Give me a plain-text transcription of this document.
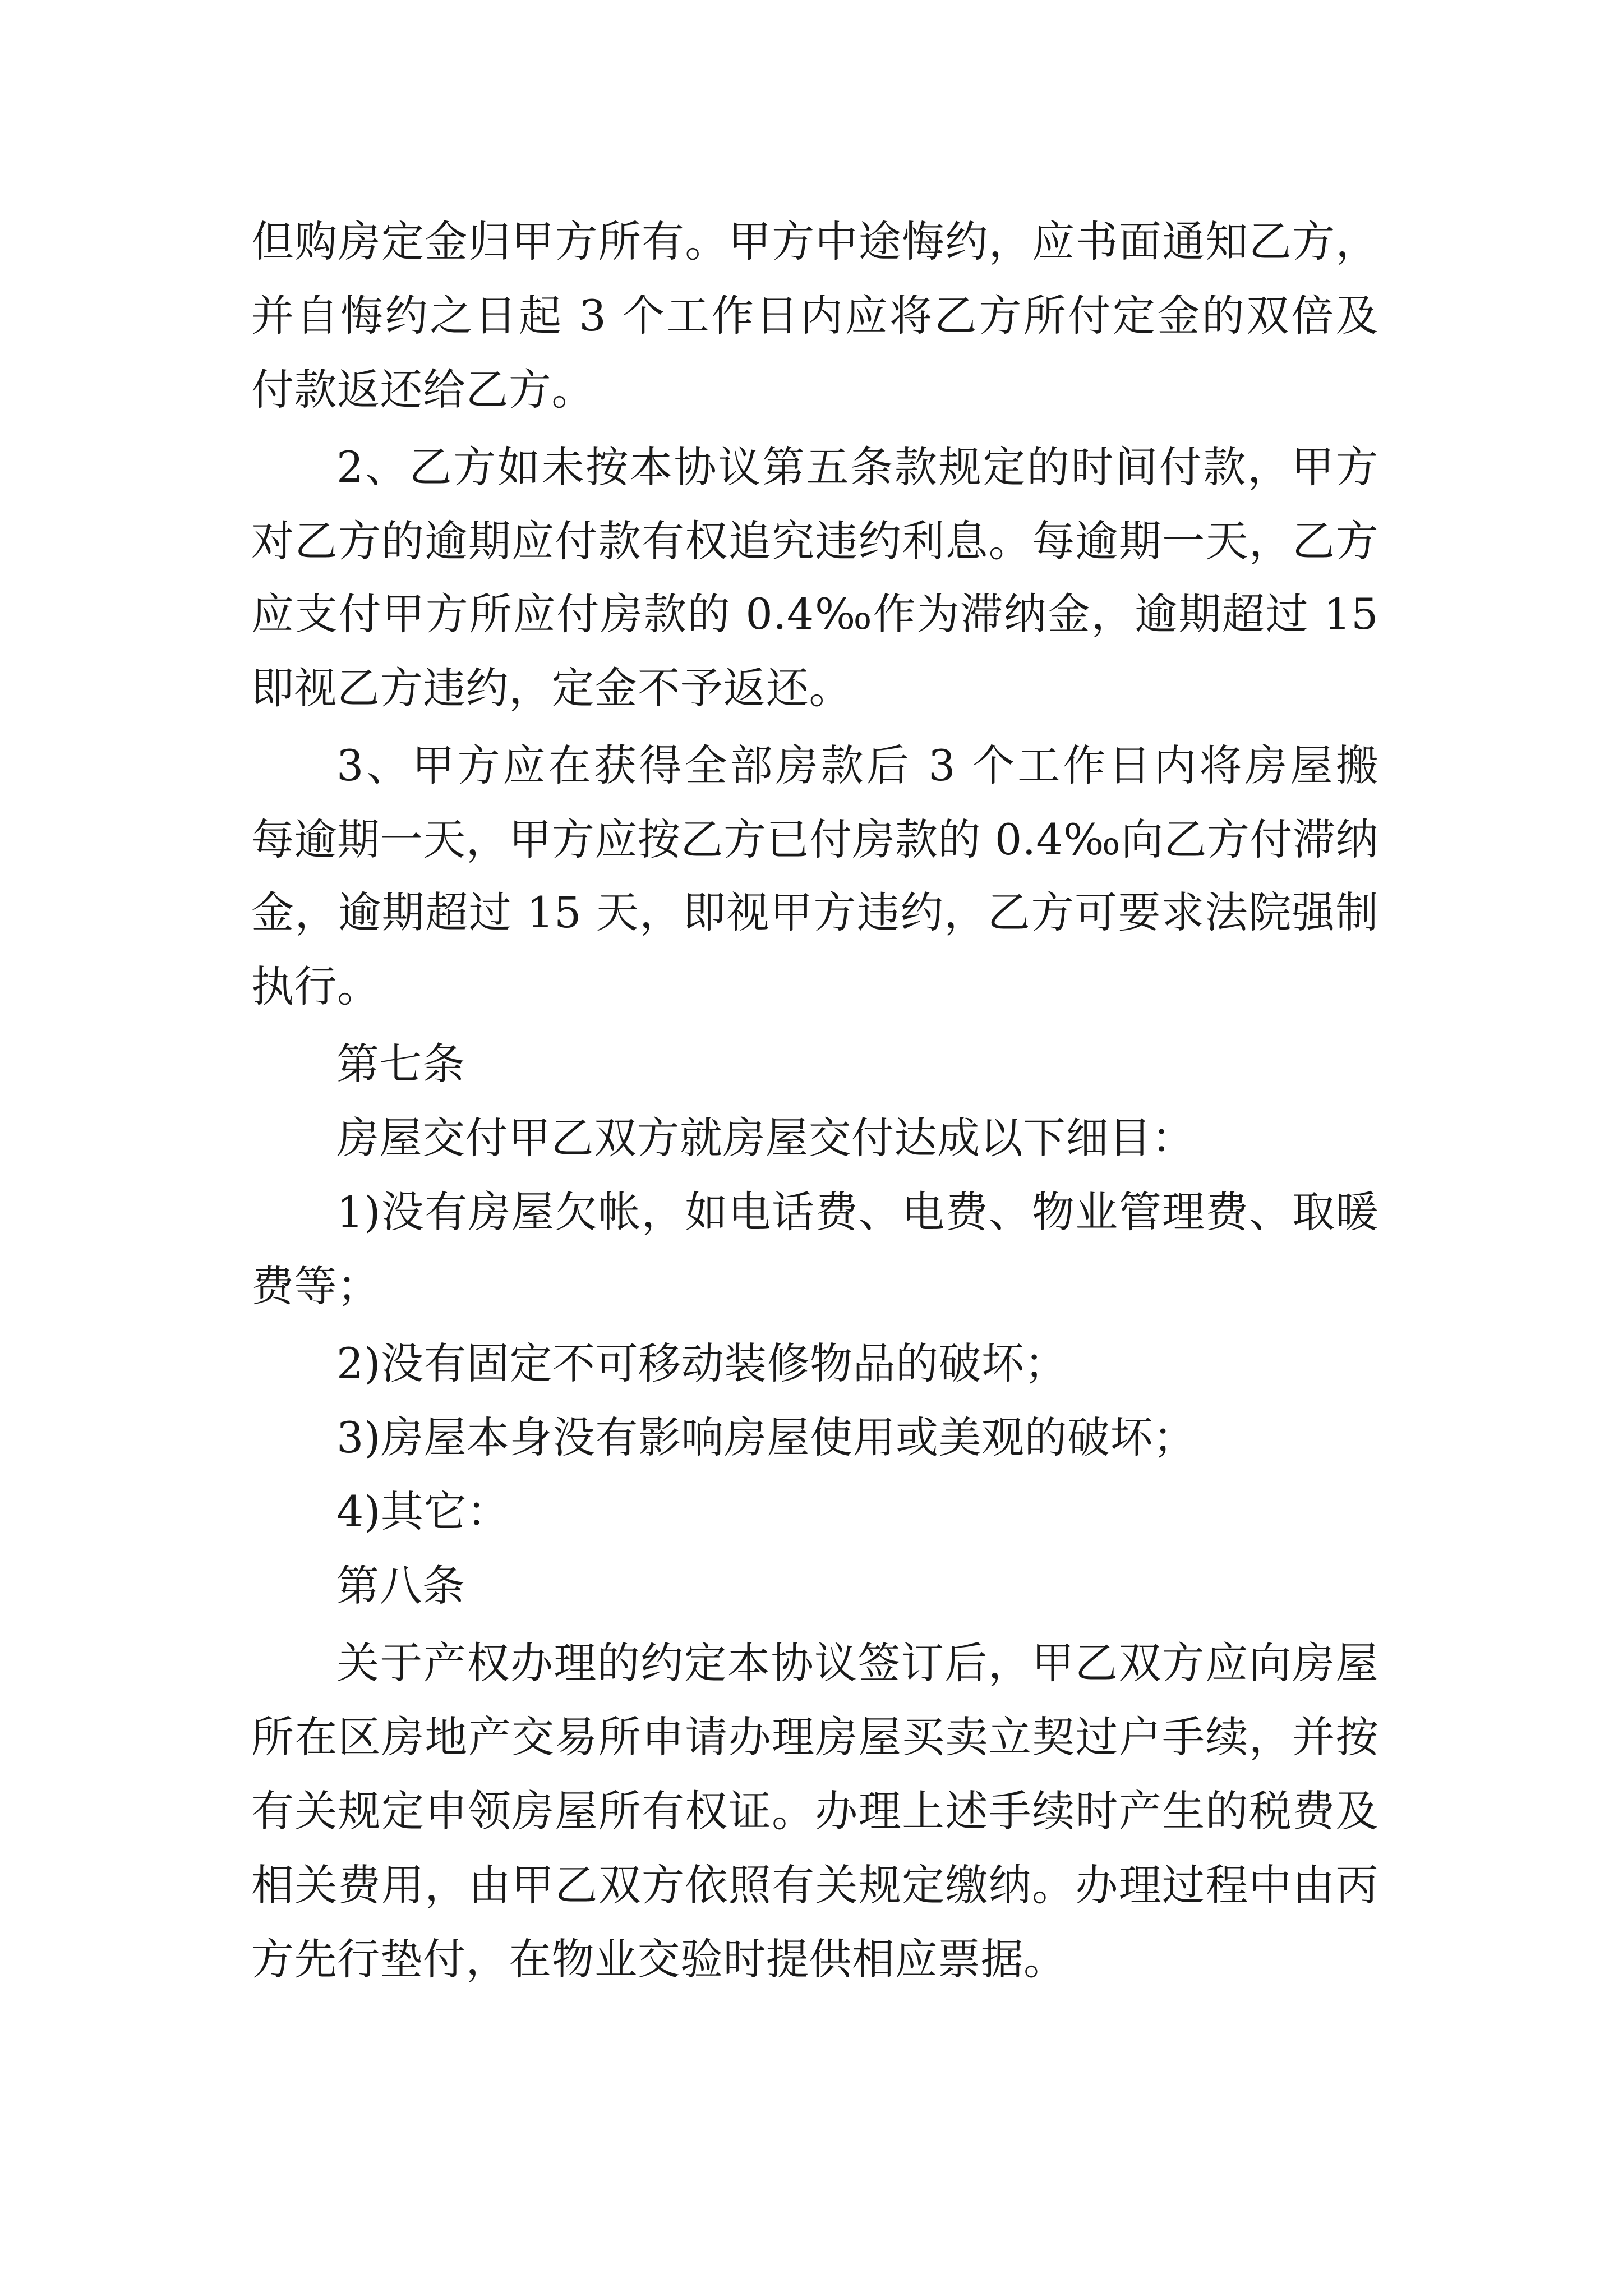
但购房定金归甲方所有。甲方中途悔约，应书面通知乙方，

并自悔约之日起 3 个工作日内应将乙方所付定金的双倍及

付款返还给乙方。

2、乙方如未按本协议第五条款规定的时间付款，甲方

对乙方的逾期应付款有权追究违约利息。每逾期一天，乙方

应支付甲方所应付房款的 0.4‰作为滞纳金，逾期超过 15

即视乙方违约，定金不予返还。

3、甲方应在获得全部房款后 3 个工作日内将房屋搬

每逾期一天，甲方应按乙方已付房款的 0.4‰向乙方付滞纳

金，逾期超过 15 天，即视甲方违约，乙方可要求法院强制

执行。

第七条

房屋交付甲乙双方就房屋交付达成以下细目：

1)没有房屋欠帐，如电话费、电费、物业管理费、取暖

费等；

2)没有固定不可移动装修物品的破坏；

3)房屋本身没有影响房屋使用或美观的破坏；

4)其它：

第八条

关于产权办理的约定本协议签订后，甲乙双方应向房屋

所在区房地产交易所申请办理房屋买卖立契过户手续，并按

有关规定申领房屋所有权证。办理上述手续时产生的税费及

相关费用，由甲乙双方依照有关规定缴纳。办理过程中由丙

方先行垫付，在物业交验时提供相应票据。
